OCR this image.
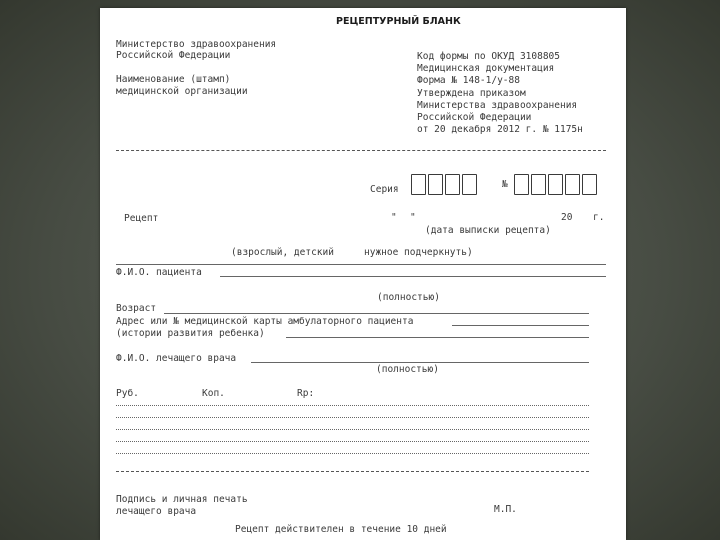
РЕЦЕПТУРНЫЙ БЛАНК
Министерство здравоохранения
Российской Федерации
Наименование (штамп)
медицинской организации
Код формы по ОКУД 3108805
Медицинская документация
Форма № 148-1/у-88
Утверждена приказом
Министерства здравоохранения
Российской Федерации
от 20 декабря 2012 г. № 1175н
Серия	№
Рецепт	" "	20 г.
(дата выписки рецепта)
(взрослый, детский	нужное подчеркнуть)
Ф.И.О. пациента
(полностью)
Возраст
Адрес или № медицинской карты амбулаторного пациента
(истории развития ребенка)
Ф.И.О. лечащего врача
(полностью)
Руб.	Коп.	Rp:
Подпись и личная печать
лечащего врача	М.П.
Рецепт действителен в течение 10 дней
